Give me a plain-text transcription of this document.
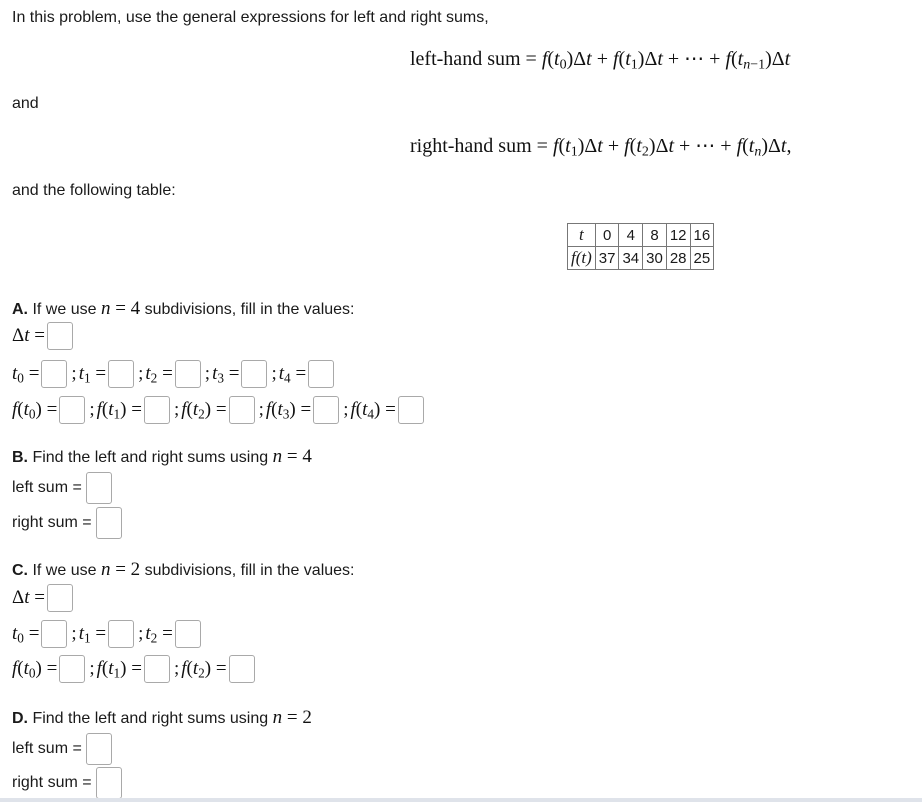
In this problem, use the general expressions for left and right sums,
left-hand sum = $f(t_0)\Delta t + f(t_1)\Delta t$ + ⋯ + $f(t_{n-1})\Delta t$
and
right-hand sum = $f(t_1)\Delta t + f(t_2)\Delta t$ + ⋯ + $f(t_n)\Delta t$,
and the following table:
t	0	4	8	12	16
f(t)	37	34	30	28	25
A. If we use n = 4 subdivisions, fill in the values:
Δt =
$t_0$ = ; $t_1$ = ; $t_2$ = ; $t_3$ = ; $t_4$ =
$f(t_0)$ = ; $f(t_1)$ = ; $f(t_2)$ = ; $f(t_3)$ = ; $f(t_4)$ =
B. Find the left and right sums using n = 4
left sum =
right sum =
C. If we use n = 2 subdivisions, fill in the values:
Δt =
$t_0$ = ; $t_1$ = ; $t_2$ =
$f(t_0)$ = ; $f(t_1)$ = ; $f(t_2)$ =
D. Find the left and right sums using n = 2
left sum =
right sum =
